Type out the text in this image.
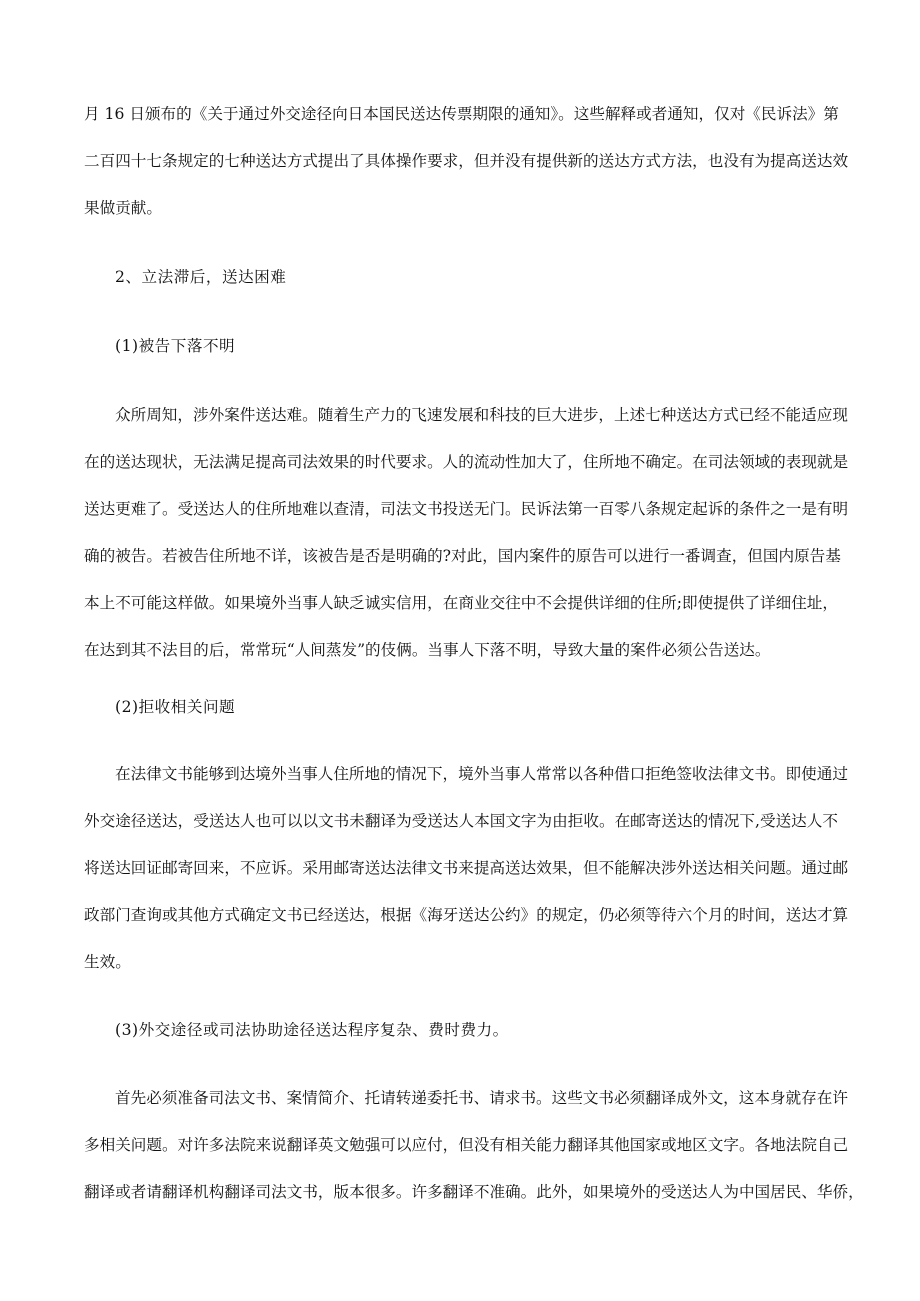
月 16 日颁布的《关于通过外交途径向日本国民送达传票期限的通知》。这些解释或者通知，仅对《民诉法》第
二百四十七条规定的七种送达方式提出了具体操作要求，但并没有提供新的送达方式方法，也没有为提高送达效
果做贡献。
2、立法滞后，送达困难
(1)被告下落不明
众所周知，涉外案件送达难。随着生产力的飞速发展和科技的巨大进步，上述七种送达方式已经不能适应现
在的送达现状，无法满足提高司法效果的时代要求。人的流动性加大了，住所地不确定。在司法领域的表现就是
送达更难了。受送达人的住所地难以查清，司法文书投送无门。民诉法第一百零八条规定起诉的条件之一是有明
确的被告。若被告住所地不详，该被告是否是明确的?对此，国内案件的原告可以进行一番调查，但国内原告基
本上不可能这样做。如果境外当事人缺乏诚实信用，在商业交往中不会提供详细的住所;即使提供了详细住址，
在达到其不法目的后，常常玩“人间蒸发”的伎俩。当事人下落不明，导致大量的案件必须公告送达。
(2)拒收相关问题
在法律文书能够到达境外当事人住所地的情况下，境外当事人常常以各种借口拒绝签收法律文书。即使通过
外交途径送达，受送达人也可以以文书未翻译为受送达人本国文字为由拒收。在邮寄送达的情况下,受送达人不
将送达回证邮寄回来，不应诉。采用邮寄送达法律文书来提高送达效果，但不能解决涉外送达相关问题。通过邮
政部门查询或其他方式确定文书已经送达，根据《海牙送达公约》的规定，仍必须等待六个月的时间，送达才算
生效。
(3)外交途径或司法协助途径送达程序复杂、费时费力。
首先必须准备司法文书、案情简介、托请转递委托书、请求书。这些文书必须翻译成外文，这本身就存在许
多相关问题。对许多法院来说翻译英文勉强可以应付，但没有相关能力翻译其他国家或地区文字。各地法院自己
翻译或者请翻译机构翻译司法文书，版本很多。许多翻译不准确。此外，如果境外的受送达人为中国居民、华侨，
